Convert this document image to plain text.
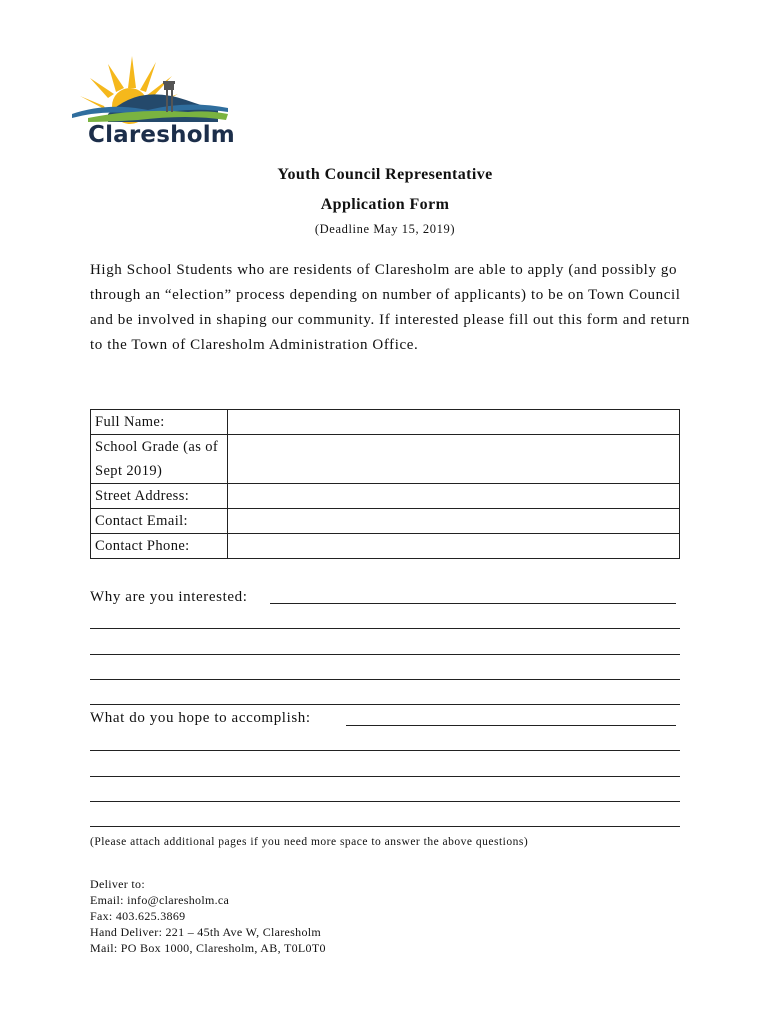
Claresholm
Youth Council Representative
Application Form
(Deadline May 15, 2019)

High School Students who are residents of Claresholm are able to apply (and possibly go through an “election” process depending on number of applicants) to be on Town Council and be involved in shaping our community. If interested please fill out this form and return to the Town of Claresholm Administration Office.

Full Name:	
School Grade (as of Sept 2019)	
Street Address:	
Contact Email:	
Contact Phone:	
Why are you interested:
What do you hope to accomplish:
(Please attach additional pages if you need more space to answer the above questions)
Deliver to:
Email: info@claresholm.ca
Fax: 403.625.3869
Hand Deliver: 221 – 45th Ave W, Claresholm
Mail: PO Box 1000, Claresholm, AB, T0L0T0
